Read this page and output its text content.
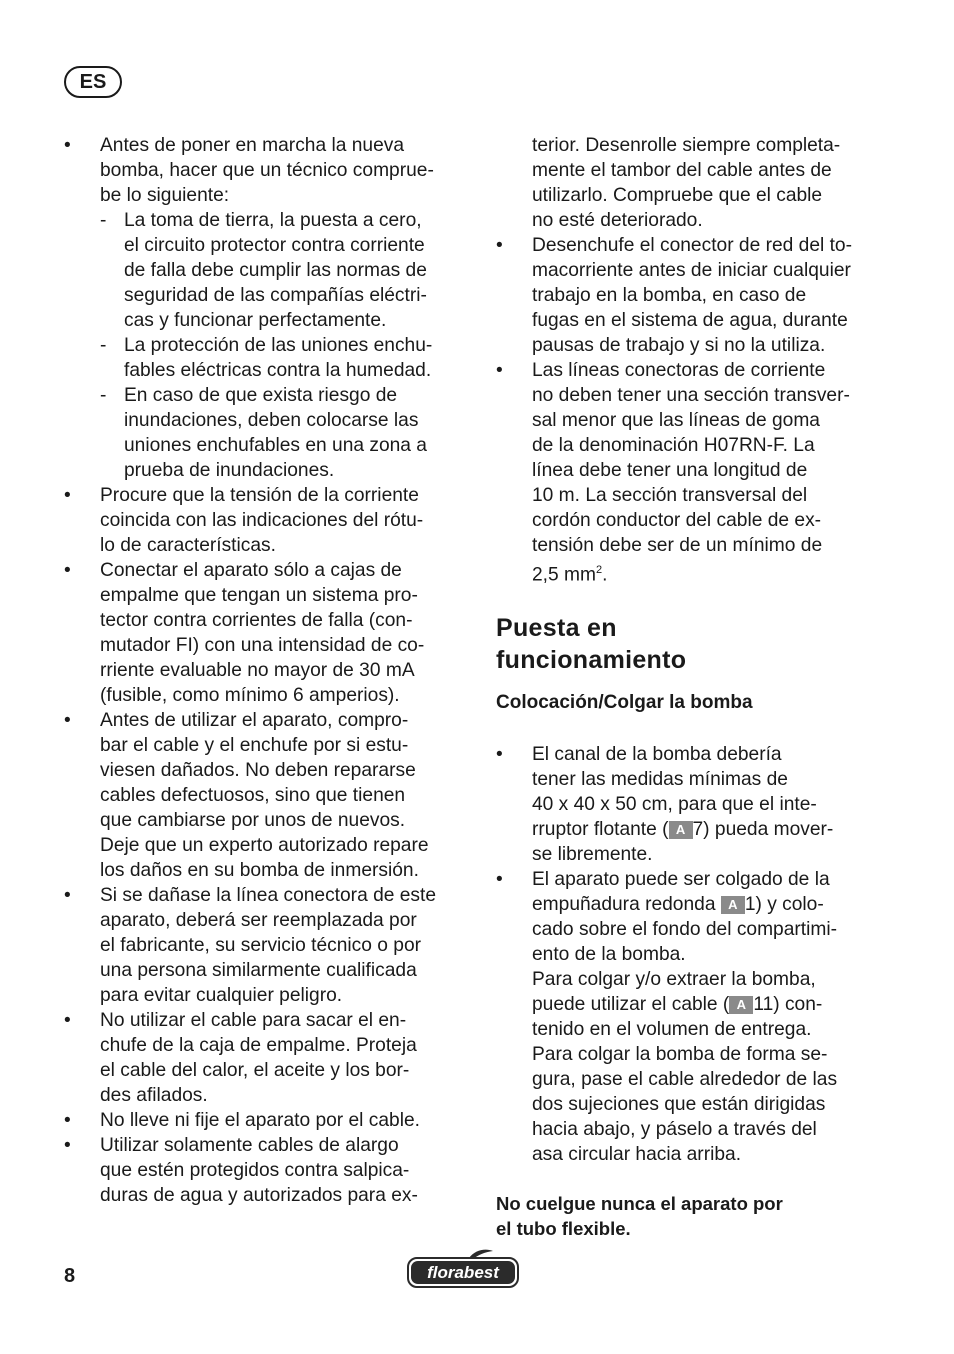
ES
• Antes de poner en marcha la nueva
bomba, hacer que un técnico comprue-
be lo siguiente:
- La toma de tierra, la puesta a cero,
el circuito protector contra corriente
de falla debe cumplir las normas de
seguridad de las compañías eléctri-
cas y funcionar perfectamente.
- La protección de las uniones enchu-
fables eléctricas contra la humedad.
- En caso de que exista riesgo de
inundaciones, deben colocarse las
uniones enchufables en una zona a
prueba de inundaciones.
• Procure que la tensión de la corriente
coincida con las indicaciones del rótu-
lo de características.
• Conectar el aparato sólo a cajas de
empalme que tengan un sistema pro-
tector contra corrientes de falla (con-
mutador FI) con una intensidad de co-
rriente evaluable no mayor de 30 mA
(fusible, como mínimo 6 amperios).
• Antes de utilizar el aparato, compro-
bar el cable y el enchufe por si estu-
viesen dañados. No deben repararse
cables defectuosos, sino que tienen
que cambiarse por unos de nuevos.
Deje que un experto autorizado repare
los daños en su bomba de inmersión.
• Si se dañase la línea conectora de este
aparato, deberá ser reemplazada por
el fabricante, su servicio técnico o por
una persona similarmente cualificada
para evitar cualquier peligro.
• No utilizar el cable para sacar el en-
chufe de la caja de empalme. Proteja
el cable del calor, el aceite y los bor-
des afilados.
• No lleve ni fije el aparato por el cable.
• Utilizar solamente cables de alargo
que estén protegidos contra salpica-
duras de agua y autorizados para ex-
terior. Desenrolle siempre completa-
mente el tambor del cable antes de
utilizarlo. Compruebe que el cable
no esté deteriorado.
• Desenchufe el conector de red del to-
macorriente antes de iniciar cualquier
trabajo en la bomba, en caso de
fugas en el sistema de agua, durante
pausas de trabajo y si no la utiliza.
• Las líneas conectoras de corriente
no deben tener una sección transver-
sal menor que las líneas de goma
de la denominación H07RN-F. La
línea debe tener una longitud de
10 m. La sección transversal del
cordón conductor del cable de ex-
tensión debe ser de un mínimo de
2,5 $mm^2$.
Puesta en
funcionamiento
Colocación/Colgar la bomba
• El canal de la bomba debería
tener las medidas mínimas de
40 x 40 x 50 cm, para que el inte-
rruptor flotante ( A 7) pueda mover-
se libremente.
• El aparato puede ser colgado de la
empuñadura redonda A 1) y colo-
cado sobre el fondo del compartimi-
ento de la bomba.
Para colgar y/o extraer la bomba,
puede utilizar el cable ( A 11) con-
tenido en el volumen de entrega.
Para colgar la bomba de forma se-
gura, pase el cable alrededor de las
dos sujeciones que están dirigidas
hacia abajo, y páselo a través del
asa circular hacia arriba.
No cuelgue nunca el aparato por
el tubo flexible.
8	florabest
